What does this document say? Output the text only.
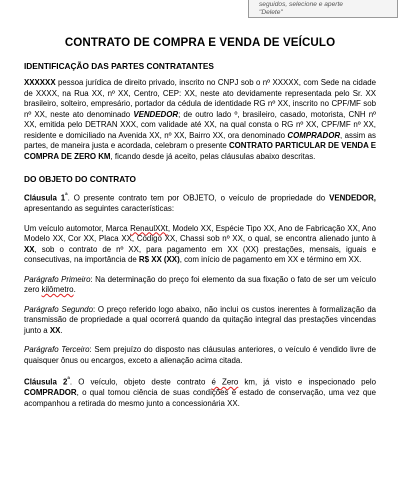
seguidos, selecione e aperte
"Delete"
CONTRATO DE COMPRA E VENDA DE VEÍCULO
IDENTIFICAÇÃO DAS PARTES CONTRATANTES

XXXXXX pessoa jurídica de direito privado, inscrito no CNPJ sob o nº XXXXX, com Sede na cidade de XXXX, na Rua XX, nº XX, Centro, CEP: XX, neste ato devidamente representada pelo Sr. XX brasileiro, solteiro, empresário, portador da cédula de identidade RG nº XX, inscrito no CPF/MF sob nº XX, neste ato denominado VENDEDOR; de outro lado º, brasileiro, casado, motorista, CNH nº XX, emitida pelo DETRAN XXX, com validade até XX, na qual consta o RG nº XX, CPF/MF nº XX, residente e domiciliado na Avenida XX, nº XX, Bairro XX, ora denominado COMPRADOR, assim as partes, de maneira justa e acordada, celebram o presente CONTRATO PARTICULAR DE VENDA E COMPRA DE ZERO KM, ficando desde já aceito, pelas cláusulas abaixo descritas.

DO OBJETO DO CONTRATO

Cláusula $1^ª$. O presente contrato tem por OBJETO, o veículo de propriedade do VENDEDOR, apresentando as seguintes características:

Um veículo automotor, Marca RenaulXXt, Modelo XX, Espécie Tipo XX, Ano de Fabricação XX, Ano Modelo XX, Cor XX, Placa XX, Código XX, Chassi sob nº XX, o qual, se encontra alienado junto à XX, sob o contrato de nº XX, para pagamento em XX (XX) prestações, mensais, iguais e consecutivas, na importância de R$ XX (XX), com início de pagamento em XX e término em XX.

Parágrafo Primeiro: Na determinação do preço foi elemento da sua fixação o fato de ser um veículo zero kilômetro.

Parágrafo Segundo: O preço referido logo abaixo, não inclui os custos inerentes à formalização da transmissão de propriedade a qual ocorrerá quando da quitação integral das prestações vincendas junto a XX.

Parágrafo Terceiro: Sem prejuízo do disposto nas cláusulas anteriores, o veículo é vendido livre de quaisquer ônus ou encargos, exceto a alienação acima citada.

Cláusula $2^ª$. O veículo, objeto deste contrato é Zero km, já visto e inspecionado pelo COMPRADOR, o qual tomou ciência de suas condições e estado de conservação, uma vez que acompanhou a retirada do mesmo junto a concessionária XX.
